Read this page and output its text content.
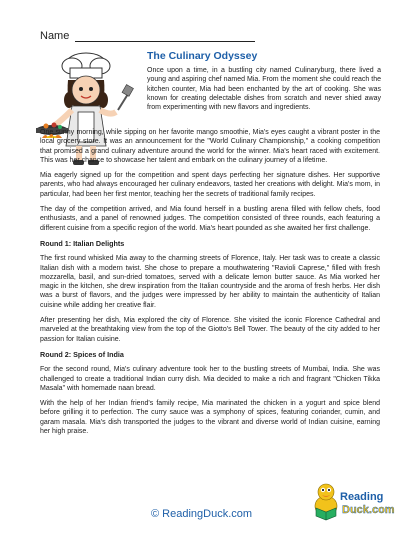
Name
The Culinary Odyssey

Once upon a time, in a bustling city named Culinaryburg, there lived a young and aspiring chef named Mia. From the moment she could reach the kitchen counter, Mia had been enchanted by the art of cooking. She was known for creating delectable dishes from scratch and never shied away from experimenting with new flavors and ingredients.

One sunny morning, while sipping on her favorite mango smoothie, Mia's eyes caught a vibrant poster in the local grocery store. It was an announcement for the "World Culinary Championship," a cooking competition that promised a grand culinary adventure around the world for the winner. Mia's heart raced with excitement. This was her chance to showcase her talent and embark on the culinary journey of a lifetime.

Mia eagerly signed up for the competition and spent days perfecting her signature dishes. Her supportive parents, who had always encouraged her culinary endeavors, tasted her creations with delight. Mia's mom, in particular, had been her first mentor, teaching her the secrets of traditional family recipes.

The day of the competition arrived, and Mia found herself in a bustling arena filled with fellow chefs, food enthusiasts, and a panel of renowned judges. The competition consisted of three rounds, each featuring a different cuisine from a specific region of the world. Mia's heart pounded as she awaited her first challenge.

Round 1: Italian Delights

The first round whisked Mia away to the charming streets of Florence, Italy. Her task was to create a classic Italian dish with a modern twist. She chose to prepare a mouthwatering "Ravioli Caprese," filled with fresh mozzarella, basil, and sun-dried tomatoes, served with a delicate lemon butter sauce. As Mia worked her magic in the kitchen, she drew inspiration from the Italian countryside and the aroma of fresh herbs. Her dish was a burst of flavors, and the judges were impressed by her ability to maintain the authenticity of Italian cuisine while adding her creative flair.

After presenting her dish, Mia explored the city of Florence. She visited the iconic Florence Cathedral and marveled at the breathtaking view from the top of the Giotto's Bell Tower. The beauty of the city added to her passion for Italian cuisine.

Round 2: Spices of India

For the second round, Mia's culinary adventure took her to the bustling streets of Mumbai, India. She was challenged to create a traditional Indian curry dish. Mia decided to make a rich and fragrant "Chicken Tikka Masala" with homemade naan bread.

With the help of her Indian friend's family recipe, Mia marinated the chicken in a yogurt and spice blend before grilling it to perfection. The curry sauce was a symphony of spices, featuring coriander, cumin, and garam masala. Mia's dish transported the judges to the vibrant and diverse world of Indian cuisine, earning her high praise.

© ReadingDuck.com
Reading
Duck.com
